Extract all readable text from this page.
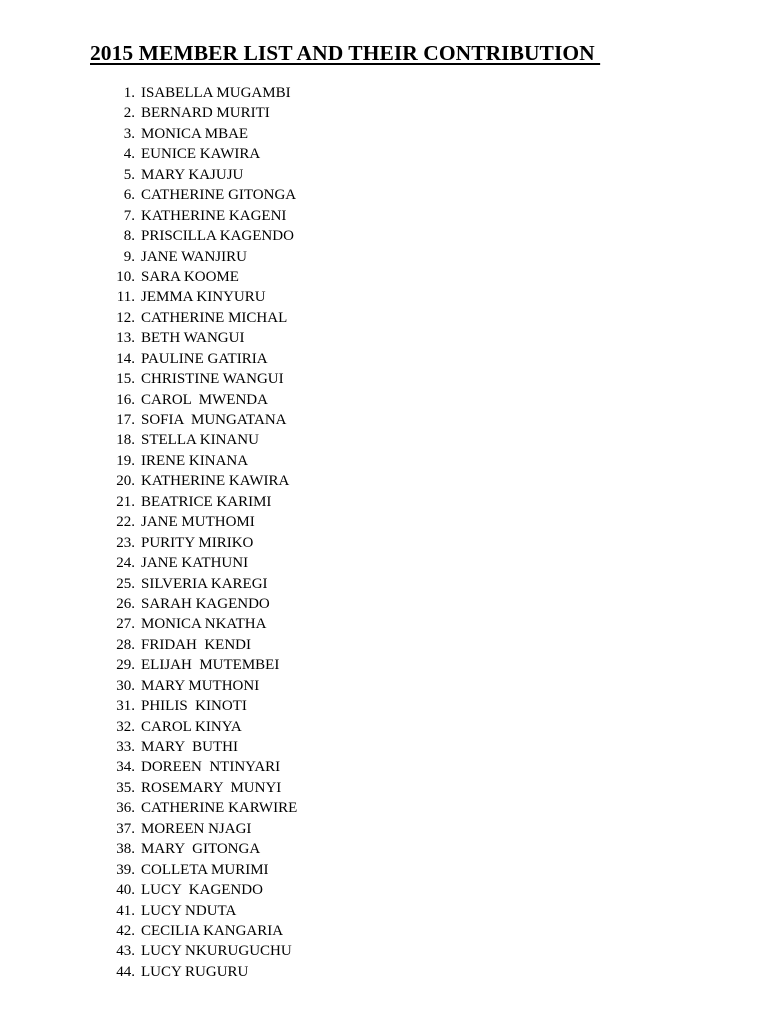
2015 MEMBER LIST AND THEIR CONTRIBUTION
1. ISABELLA MUGAMBI
2. BERNARD MURITI
3. MONICA MBAE
4. EUNICE KAWIRA
5. MARY KAJUJU
6. CATHERINE GITONGA
7. KATHERINE KAGENI
8. PRISCILLA KAGENDO
9. JANE WANJIRU
10. SARA KOOME
11. JEMMA KINYURU
12. CATHERINE MICHAL
13. BETH WANGUI
14. PAULINE GATIRIA
15. CHRISTINE WANGUI
16. CAROL  MWENDA
17. SOFIA  MUNGATANA
18. STELLA KINANU
19. IRENE KINANA
20. KATHERINE KAWIRA
21. BEATRICE KARIMI
22. JANE MUTHOMI
23. PURITY MIRIKO
24. JANE KATHUNI
25. SILVERIA KAREGI
26. SARAH KAGENDO
27. MONICA NKATHA
28. FRIDAH  KENDI
29. ELIJAH  MUTEMBEI
30. MARY MUTHONI
31. PHILIS  KINOTI
32. CAROL KINYA
33. MARY  BUTHI
34. DOREEN  NTINYARI
35. ROSEMARY  MUNYI
36. CATHERINE KARWIRE
37. MOREEN NJAGI
38. MARY  GITONGA
39. COLLETA MURIMI
40. LUCY  KAGENDO
41. LUCY NDUTA
42. CECILIA KANGARIA
43. LUCY NKURUGUCHU
44. LUCY RUGURU
